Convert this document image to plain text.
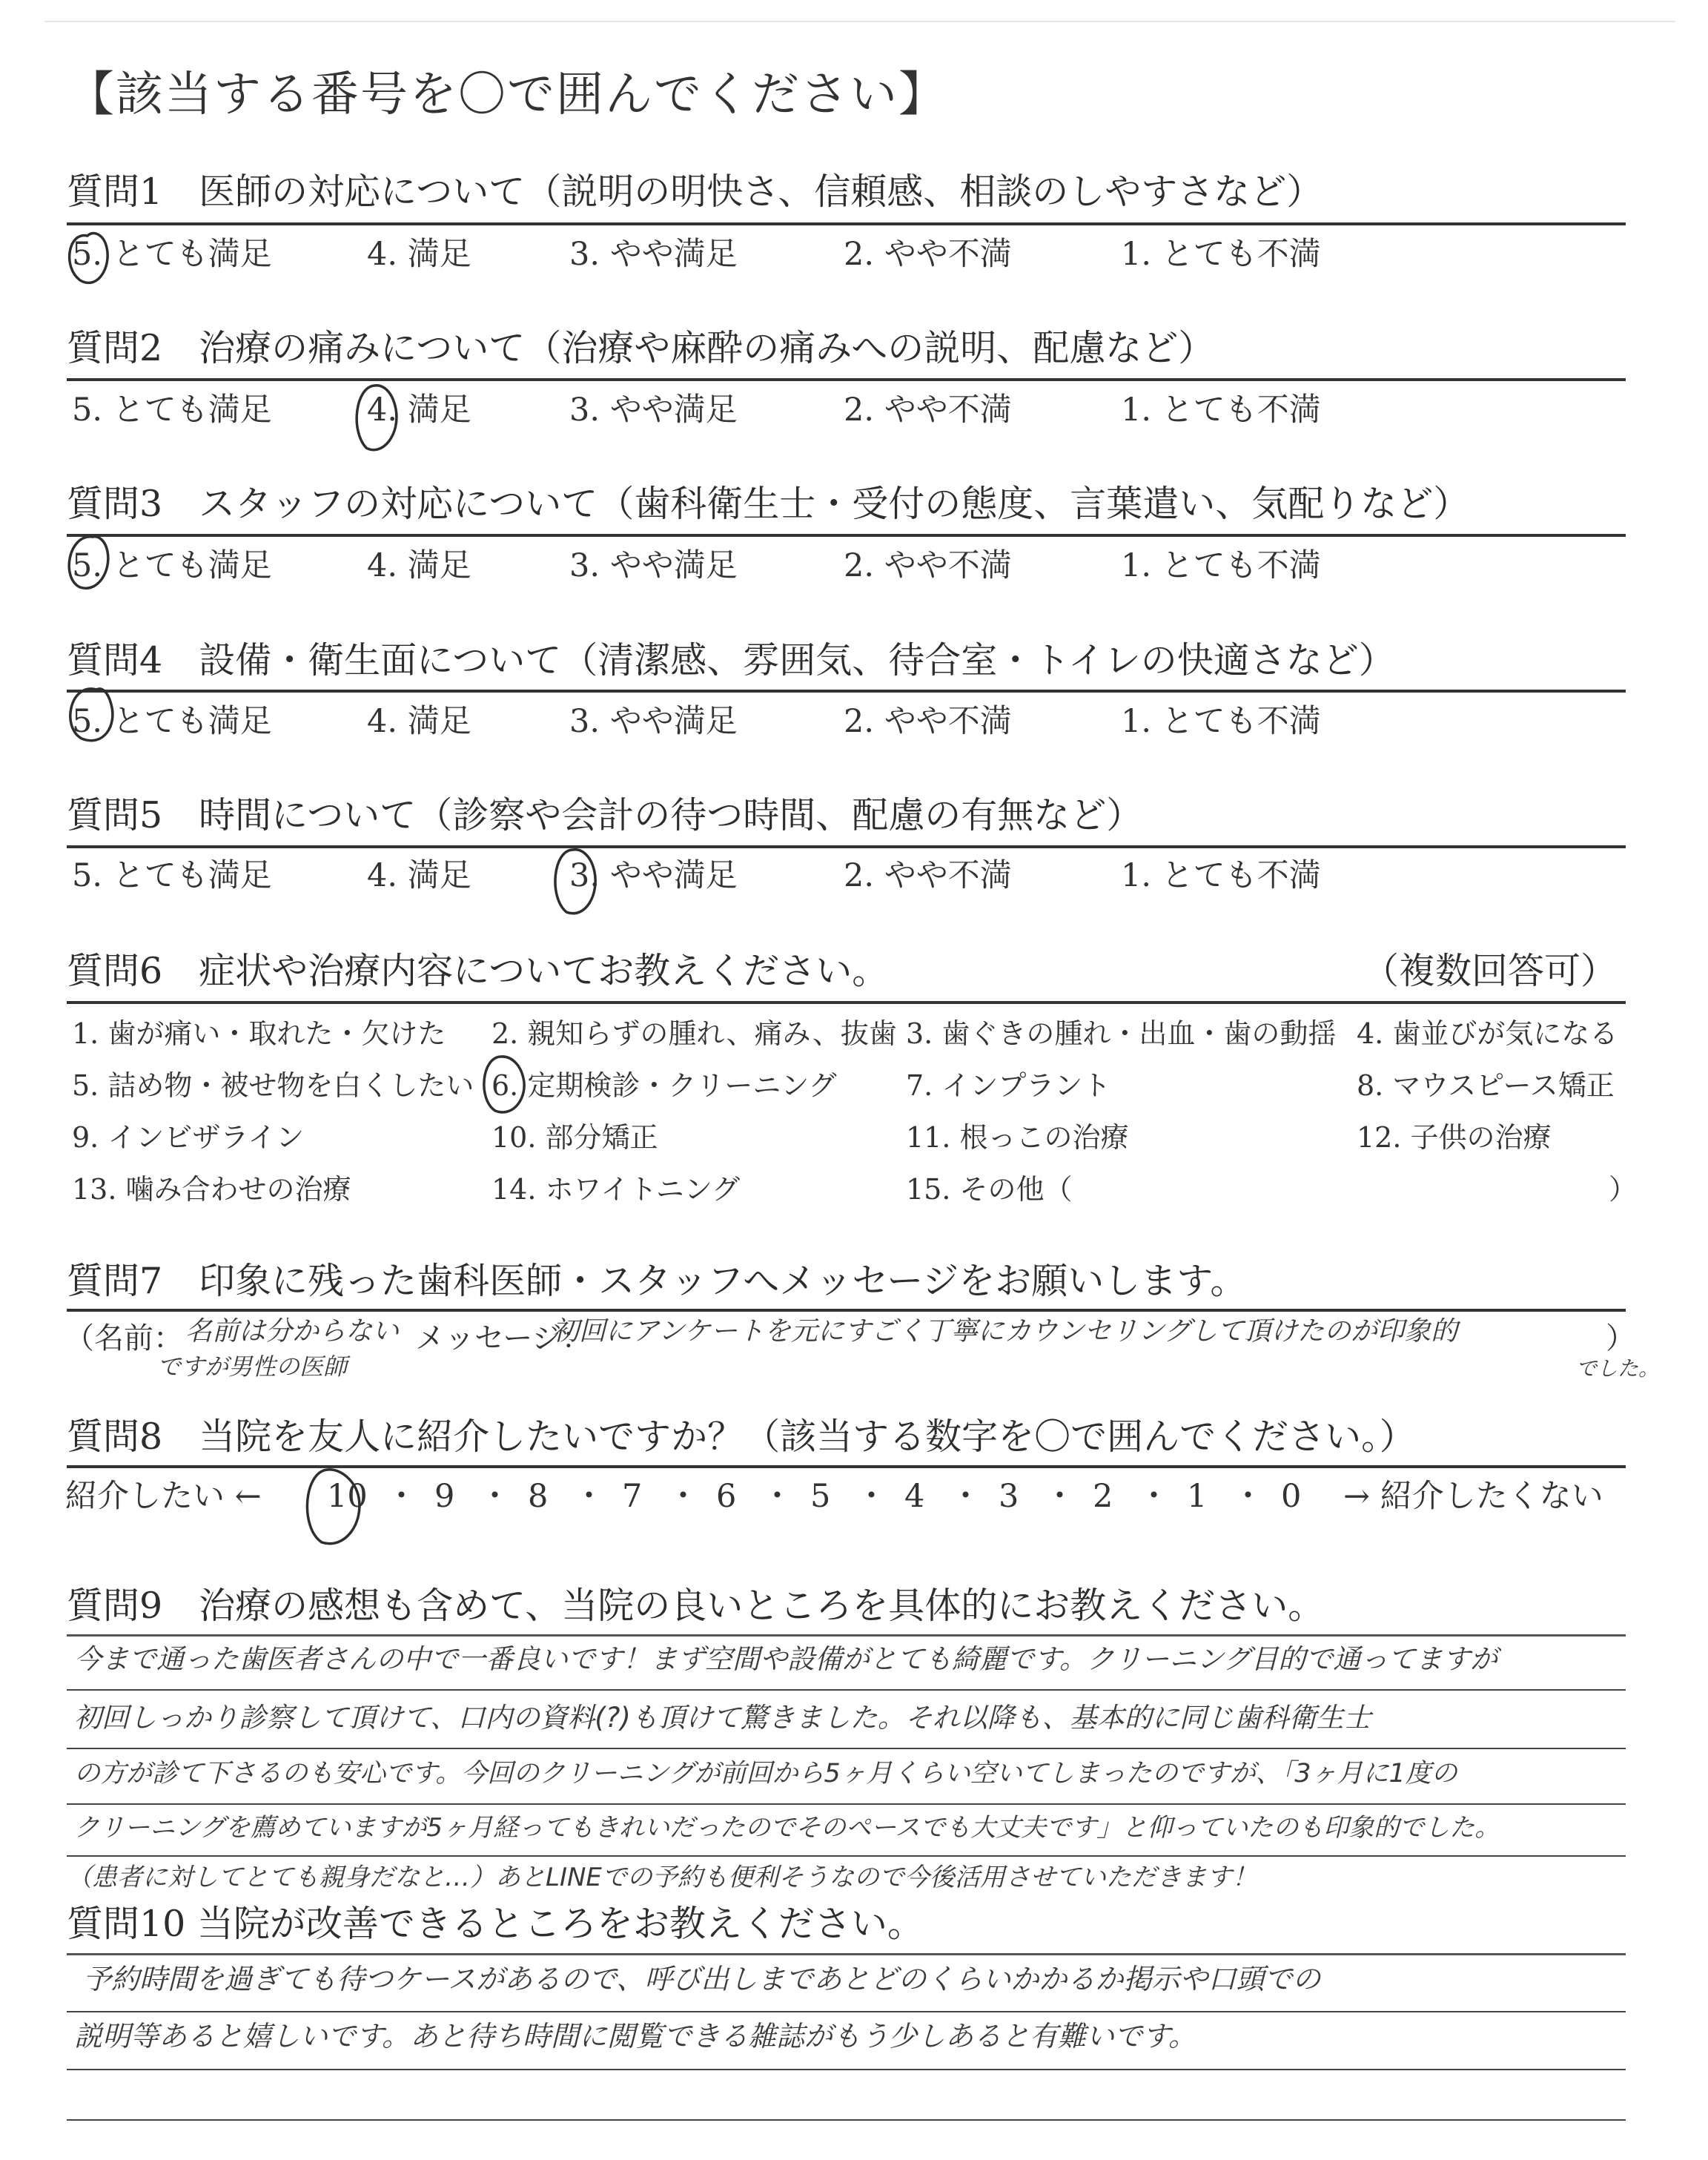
【該当する番号を〇で囲んでください】
質問1　医師の対応について（説明の明快さ、信頼感、相談のしやすさなど）
5. とても満足	4. 満足	3. やや満足	2. やや不満	1. とても不満
質問2　治療の痛みについて（治療や麻酔の痛みへの説明、配慮など）
5. とても満足	4. 満足	3. やや満足	2. やや不満	1. とても不満
質問3　スタッフの対応について（歯科衛生士・受付の態度、言葉遣い、気配りなど）
5. とても満足	4. 満足	3. やや満足	2. やや不満	1. とても不満
質問4　設備・衛生面について（清潔感、雰囲気、待合室・トイレの快適さなど）
5. とても満足	4. 満足	3. やや満足	2. やや不満	1. とても不満
質問5　時間について（診察や会計の待つ時間、配慮の有無など）
5. とても満足	4. 満足	3. やや満足	2. やや不満	1. とても不満
質問6　症状や治療内容についてお教えください。	（複数回答可）
1. 歯が痛い・取れた・欠けた 2. 親知らずの腫れ、痛み、抜歯 3. 歯ぐきの腫れ・出血・歯の動揺 4. 歯並びが気になる
5. 詰め物・被せ物を白くしたい 6. 定期検診・クリーニング 7. インプラント	8. マウスピース矯正
9. インビザライン	10. 部分矯正	11. 根っこの治療	12. 子供の治療
13. 噛み合わせの治療	14. ホワイトニング	15. その他（	）
質問7　印象に残った歯科医師・スタッフへメッセージをお願いします。
（名前： 名前は分からない
ですが男性の医師
メッセージ：
初回にアンケートを元にすごく丁寧にカウンセリングして頂けたのが印象的
でした。
）
質問8　当院を友人に紹介したいですか？（該当する数字を〇で囲んでください。）
紹介したい ← 10 9 8 7 6 5 4 3 2 1 0
・ ・ ・ ・ ・ ・ ・ ・ ・ ・ → 紹介したくない
質問9　治療の感想も含めて、当院の良いところを具体的にお教えください。
今まで通った歯医者さんの中で一番良いです！まず空間や設備がとても綺麗です。クリーニング目的で通ってますが
初回しっかり診察して頂けて、口内の資料(?)も頂けて驚きました。それ以降も、基本的に同じ歯科衛生士
の方が診て下さるのも安心です。今回のクリーニングが前回から5ヶ月くらい空いてしまったのですが、「3ヶ月に1度の
クリーニングを薦めていますが5ヶ月経ってもきれいだったのでそのペースでも大丈夫です」と仰っていたのも印象的でした。
（患者に対してとても親身だなと…）あとLINEでの予約も便利そうなので今後活用させていただきます！
質問10 当院が改善できるところをお教えください。
予約時間を過ぎても待つケースがあるので、呼び出しまであとどのくらいかかるか掲示や口頭での
説明等あると嬉しいです。あと待ち時間に閲覧できる雑誌がもう少しあると有難いです。
